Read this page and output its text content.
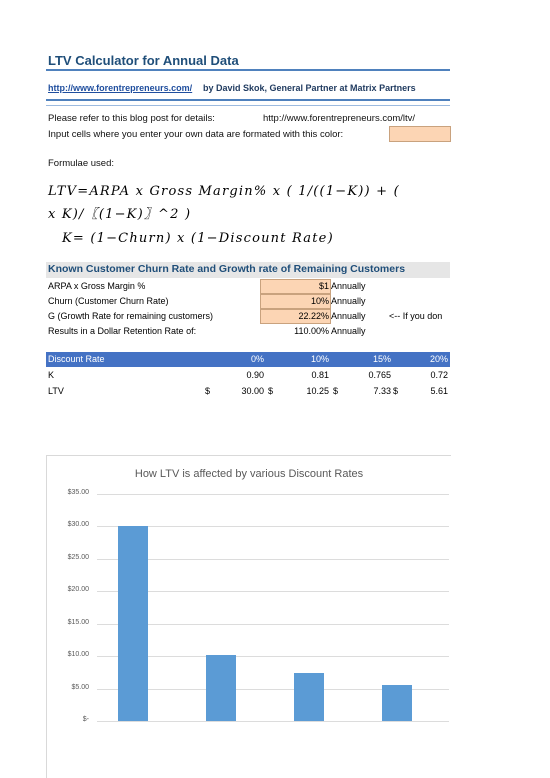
LTV Calculator for Annual Data
http://www.forentrepreneurs.com/ by David Skok, General Partner at Matrix Partners
Please refer to this blog post for details:	http://www.forentrepreneurs.com/ltv/
Input cells where you enter your own data are formated with this color:
Formulae used:
LTV=ARPA x Gross Margin% x ( 1/((1−K)) + (
x K)/〖(1−K)〗^2 )
K= (1−Churn) x (1−Discount Rate)
Known Customer Churn Rate and Growth rate of Remaining Customers
ARPA x Gross Margin %	$1 Annually
Churn (Customer Churn Rate)	10% Annually
G (Growth Rate for remaining customers)	22.22% Annually	<-- If you don
Results in a Dollar Retention Rate of:	110.00% Annually
Discount Rate	0%	10%	15%	20%
K	0.90	0.81	0.765	0.72
LTV	$	30.00 $	10.25 $	7.33 $	5.61
How LTV is affected by various Discount Rates
$-
$5.00
$10.00
$15.00
$20.00
$25.00
$30.00
$35.00
